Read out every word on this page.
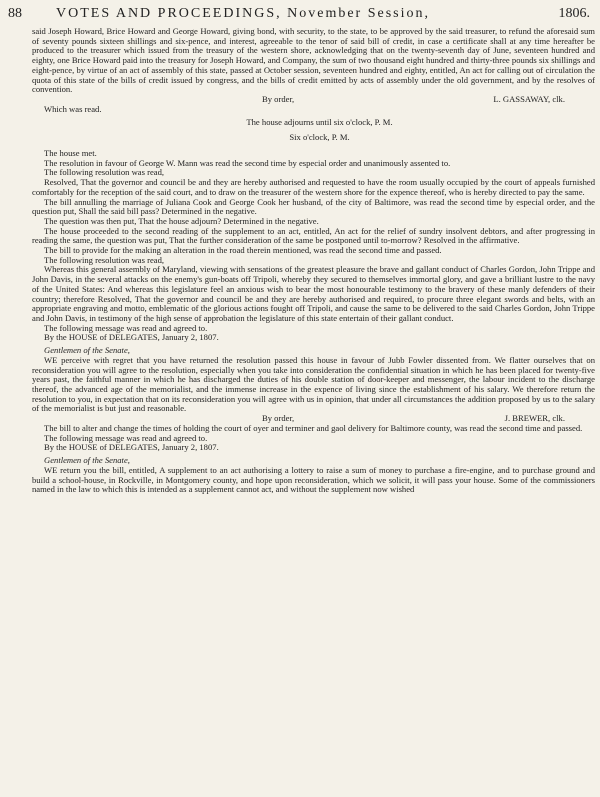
88 VOTES AND PROCEEDINGS, November Session,	1806.

said Joseph Howard, Brice Howard and George Howard, giving bond, with security, to the state, to be approved by the said treasurer, to refund the aforesaid sum of seventy pounds sixteen shillings and six-pence, and interest, agreeable to the tenor of said bill of credit, in case a certificate shall at any time hereafter be produced to the treasurer which issued from the treasury of the western shore, acknowledging that on the twenty-seventh day of June, seventeen hundred and eighty, one Brice Howard paid into the treasury for Joseph Howard, and Company, the sum of two thousand eight hundred and thirty-three pounds six shillings and eight-pence, by virtue of an act of assembly of this state, passed at October session, seventeen hundred and eighty, entitled, An act for calling out of circulation the quota of this state of the bills of credit issued by congress, and the bills of credit emitted by acts of assembly under the old government, and by the resolves of convention.

By order,	L. GASSAWAY, clk.

Which was read.

The house adjourns until six o'clock, P. M.

Six o'clock, P. M.

The house met.

The resolution in favour of George W. Mann was read the second time by especial order and unanimously assented to.

The following resolution was read,

Resolved, That the governor and council be and they are hereby authorised and requested to have the room usually occupied by the court of appeals furnished comfortably for the reception of the said court, and to draw on the treasurer of the western shore for the expence thereof, who is hereby directed to pay the same.

The bill annulling the marriage of Juliana Cook and George Cook her husband, of the city of Baltimore, was read the second time by especial order, and the question put, Shall the said bill pass? Determined in the negative.

The question was then put, That the house adjourn? Determined in the negative.

The house proceeded to the second reading of the supplement to an act, entitled, An act for the relief of sundry insolvent debtors, and after progressing in reading the same, the question was put, That the further consideration of the same be postponed until to-morrow? Resolved in the affirmative.

The bill to provide for the making an alteration in the road therein mentioned, was read the second time and passed.

The following resolution was read,

Whereas this general assembly of Maryland, viewing with sensations of the greatest pleasure the brave and gallant conduct of Charles Gordon, John Trippe and John Davis, in the several attacks on the enemy's gun-boats off Tripoli, whereby they secured to themselves immortal glory, and gave a brilliant lustre to the navy of the United States: And whereas this legislature feel an anxious wish to bear the most honourable testimony to the bravery of these manly defenders of their country; therefore Resolved, That the governor and council be and they are hereby authorised and required, to procure three elegant swords and belts, with an appropriate engraving and motto, emblematic of the glorious actions fought off Tripoli, and cause the same to be delivered to the said Charles Gordon, John Trippe and John Davis, in testimony of the high sense of approbation the legislature of this state entertain of their gallant conduct.

The following message was read and agreed to.

By the HOUSE of DELEGATES, January 2, 1807.

Gentlemen of the Senate,

WE perceive with regret that you have returned the resolution passed this house in favour of Jubb Fowler dissented from. We flatter ourselves that on reconsideration you will agree to the resolution, especially when you take into consideration the confidential situation in which he has been placed for twenty-five years past, the faithful manner in which he has discharged the duties of his double station of door-keeper and messenger, the labour incident to the discharge thereof, the advanced age of the memorialist, and the immense increase in the expence of living since the establishment of his salary. We therefore return the resolution to you, in expectation that on its reconsideration you will agree with us in opinion, that under all circumstances the addition proposed by us to the salary of the memorialist is but just and reasonable.

By order,	J. BREWER, clk.

The bill to alter and change the times of holding the court of oyer and terminer and gaol delivery for Baltimore county, was read the second time and passed.

The following message was read and agreed to.

By the HOUSE of DELEGATES, January 2, 1807.

Gentlemen of the Senate,

WE return you the bill, entitled, A supplement to an act authorising a lottery to raise a sum of money to purchase a fire-engine, and to purchase ground and build a school-house, in Rockville, in Montgomery county, and hope upon reconsideration, which we solicit, it will pass your house. Some of the commissioners named in the law to which this is intended as a supplement cannot act, and without the supplement now wished
